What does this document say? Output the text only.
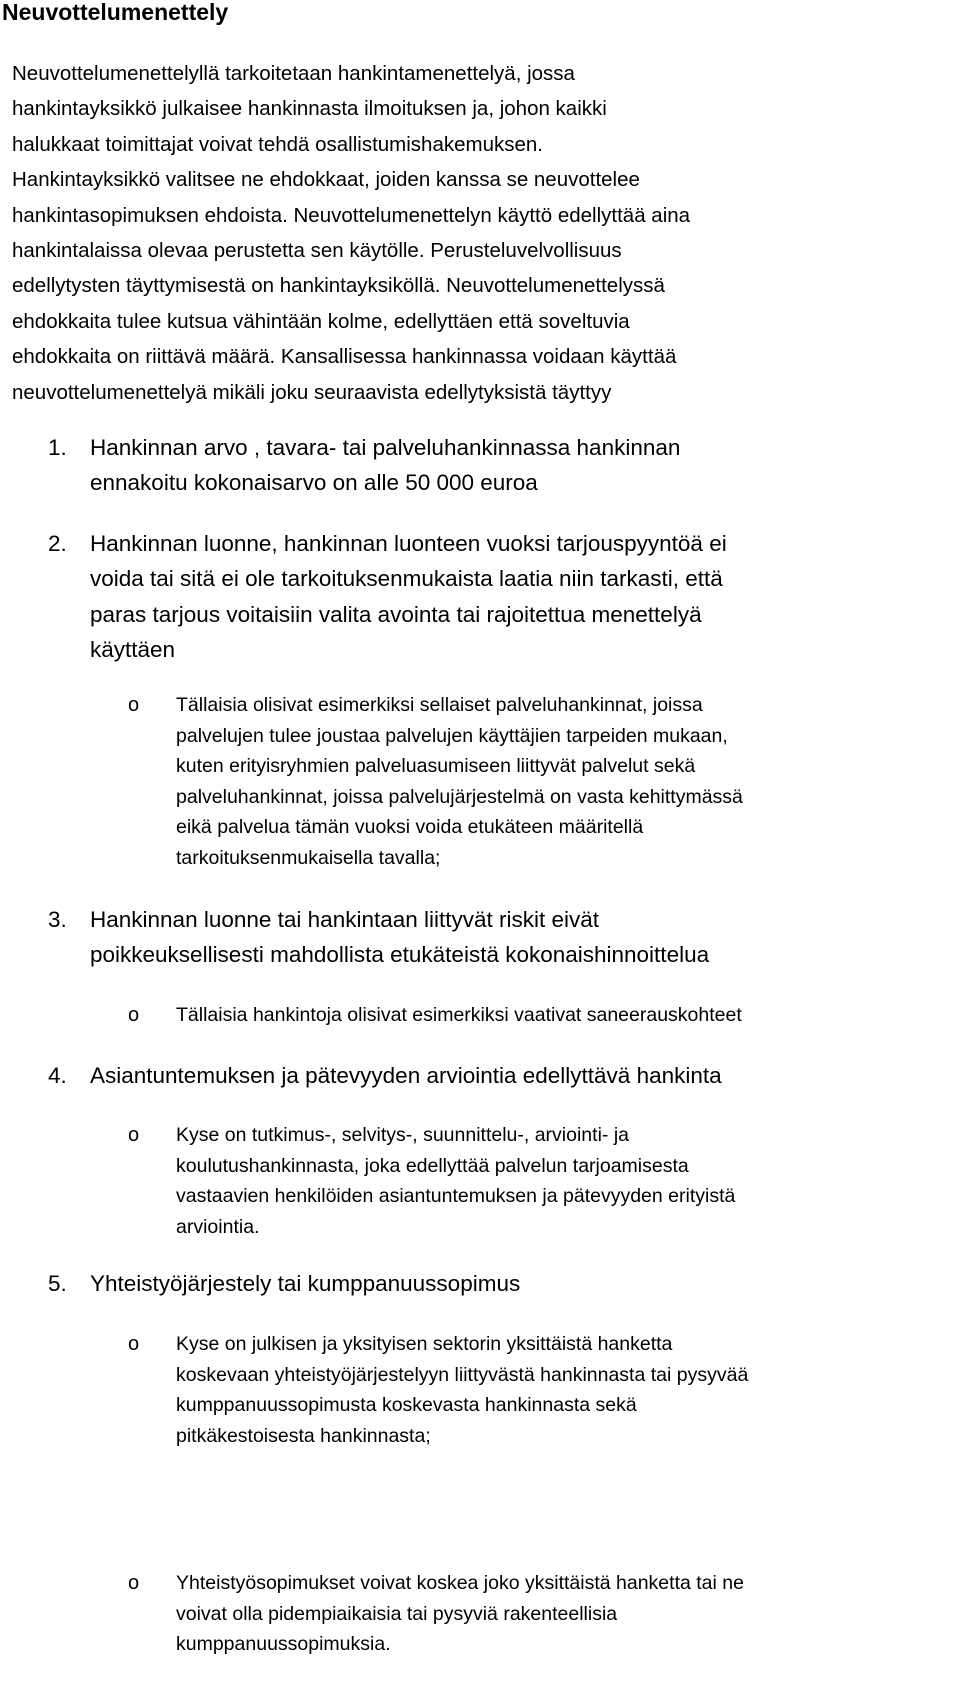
Neuvottelumenettely

Neuvottelumenettelyllä tarkoitetaan hankintamenettelyä, jossa
hankintayksikkö julkaisee hankinnasta ilmoituksen ja, johon kaikki
halukkaat toimittajat voivat tehdä osallistumishakemuksen.
Hankintayksikkö valitsee ne ehdokkaat, joiden kanssa se neuvottelee
hankintasopimuksen ehdoista. Neuvottelumenettelyn käyttö edellyttää aina
hankintalaissa olevaa perustetta sen käytölle. Perusteluvelvollisuus
edellytysten täyttymisestä on hankintayksiköllä. Neuvottelumenettelyssä
ehdokkaita tulee kutsua vähintään kolme, edellyttäen että soveltuvia
ehdokkaita on riittävä määrä. Kansallisessa hankinnassa voidaan käyttää
neuvottelumenettelyä mikäli joku seuraavista edellytyksistä täyttyy

1. Hankinnan arvo , tavara- tai palveluhankinnassa hankinnan
ennakoitu kokonaisarvo on alle 50 000 euroa

2. Hankinnan luonne, hankinnan luonteen vuoksi tarjouspyyntöä ei
voida tai sitä ei ole tarkoituksenmukaista laatia niin tarkasti, että
paras tarjous voitaisiin valita avointa tai rajoitettua menettelyä
käyttäen

o Tällaisia olisivat esimerkiksi sellaiset palveluhankinnat, joissa
palvelujen tulee joustaa palvelujen käyttäjien tarpeiden mukaan,
kuten erityisryhmien palveluasumiseen liittyvät palvelut sekä
palveluhankinnat, joissa palvelujärjestelmä on vasta kehittymässä
eikä palvelua tämän vuoksi voida etukäteen määritellä
tarkoituksenmukaisella tavalla;

3. Hankinnan luonne tai hankintaan liittyvät riskit eivät
poikkeuksellisesti mahdollista etukäteistä kokonaishinnoittelua

o Tällaisia hankintoja olisivat esimerkiksi vaativat saneerauskohteet

4. Asiantuntemuksen ja pätevyyden arviointia edellyttävä hankinta

o Kyse on tutkimus-, selvitys-, suunnittelu-, arviointi- ja
koulutushankinnasta, joka edellyttää palvelun tarjoamisesta
vastaavien henkilöiden asiantuntemuksen ja pätevyyden erityistä
arviointia.

5. Yhteistyöjärjestely tai kumppanuussopimus

o Kyse on julkisen ja yksityisen sektorin yksittäistä hanketta
koskevaan yhteistyöjärjestelyyn liittyvästä hankinnasta tai pysyvää
kumppanuussopimusta koskevasta hankinnasta sekä
pitkäkestoisesta hankinnasta;

o Yhteistyösopimukset voivat koskea joko yksittäistä hanketta tai ne
voivat olla pidempiaikaisia tai pysyviä rakenteellisia
kumppanuussopimuksia.
